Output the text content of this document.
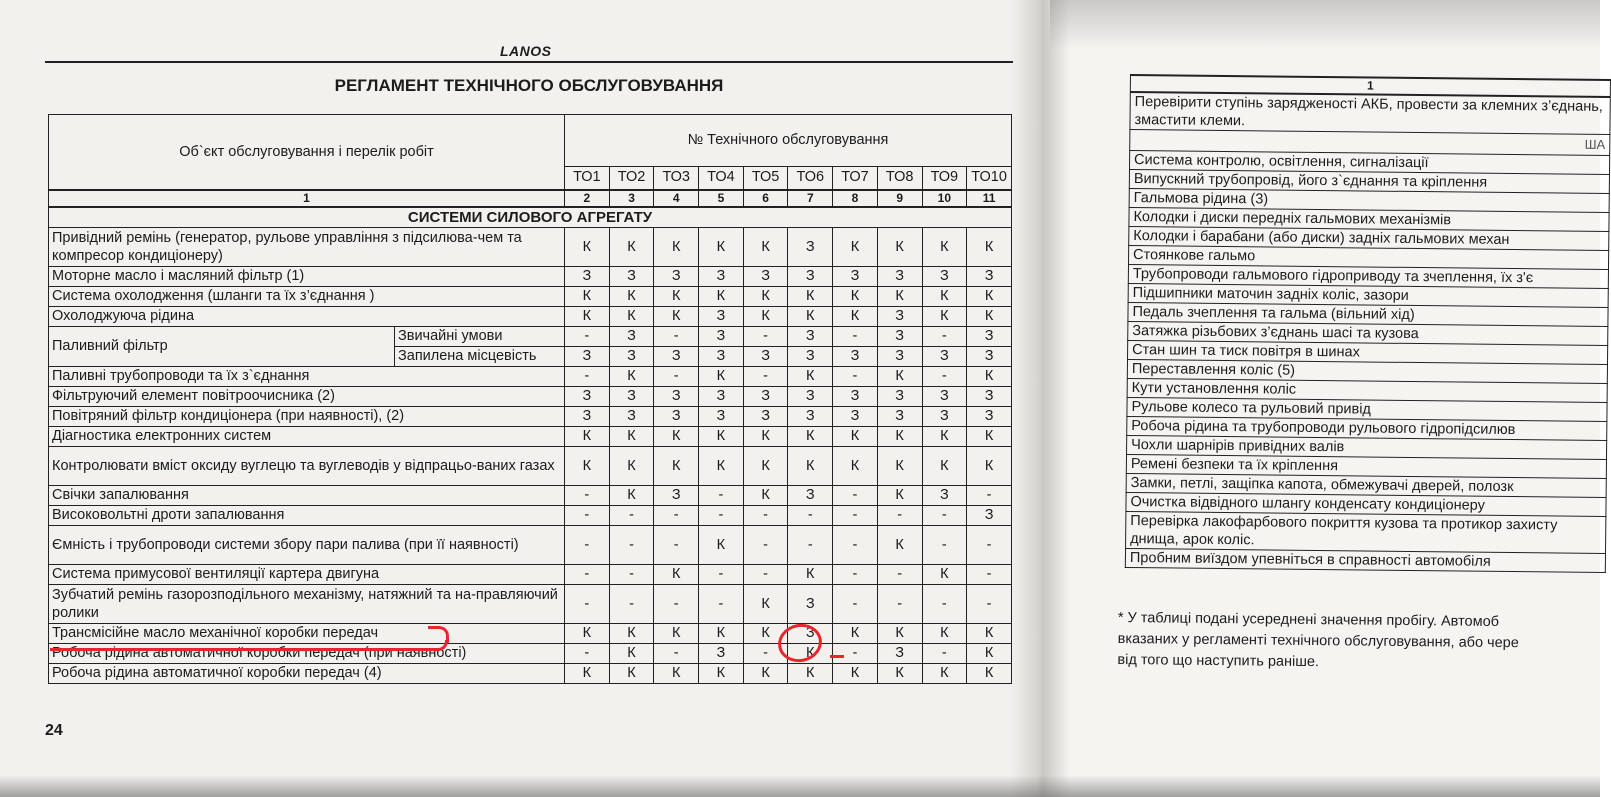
LANOS
РЕГЛАМЕНТ ТЕХНІЧНОГО ОБСЛУГОВУВАННЯ
Об`єкт обслуговування і перелік робіт		№ Технічного обслуговування									
		ТО1	ТО2	ТО3	ТО4	ТО5	ТО6	ТО7	ТО8	ТО9	ТО10
1		2	3	4	5	6	7	8	9	10	11
СИСТЕМИ СИЛОВОГО АГРЕГАТУ											
Привідний ремінь (генератор, рульове управління з підсилюва-чем та компресор кондиціонеру)		К	К	К	К	К	З	К	К	К	К
Моторне масло і масляний фільтр (1)		З	З	З	З	З	З	З	З	З	З
Система охолодження (шланги та їх з’єднання )		К	К	К	К	К	К	К	К	К	К
Охолоджуюча рідина		К	К	К	З	К	К	К	З	К	К
Паливний фільтр	Звичайні умови	-	З	-	З	-	З	-	З	-	З
	Запилена місцевість	З	З	З	З	З	З	З	З	З	З
Паливні трубопроводи та їх з`єднання		-	К	-	К	-	К	-	К	-	К
Фільтруючий елемент повітроочисника (2)		З	З	З	З	З	З	З	З	З	З
Повітряний фільтр кондиціонера (при наявності), (2)		З	З	З	З	З	З	З	З	З	З
Діагностика електронних систем		К	К	К	К	К	К	К	К	К	К
Контролювати вміст оксиду вуглецю та вуглеводів у відпрацьо-ваних газах		К	К	К	К	К	К	К	К	К	К
Свічки запалювання		-	К	З	-	К	З	-	К	З	-
Високовольтні дроти запалювання		-	-	-	-	-	-	-	-	-	З
Ємність і трубопроводи системи збору пари палива (при її наявності)		-	-	-	К	-	-	-	К	-	-
Система примусової вентиляції картера двигуна		-	-	К	-	-	К	-	-	К	-
Зубчатий ремінь газорозподільного механізму, натяжний та на-правляючий ролики		-	-	-	-	К	З	-	-	-	-
Трансмісійне масло механічної коробки передач		К	К	К	К	К	З	К	К	К	К
Робоча рідина автоматичної коробки передач (при наявності)		-	К	-	З	-	К	-	З	-	К
Робоча рідина автоматичної коробки передач (4)		К	К	К	К	К	К	К	К	К	К
24
1
Перевірити ступінь зарядженості АКБ, провести за клемних з’єднань, змастити клеми.
ША
Система контролю, освітлення, сигналізації
Випускний трубопровід, його з`єднання та кріплення
Гальмова рідина (3)
Колодки і диски передніх гальмових механізмів
Колодки і барабани (або диски) задніх гальмових механ
Стоянкове гальмо
Трубопроводи гальмового гідроприводу та зчеплення, їх з'є
Підшипники маточин задніх коліс, зазори
Педаль зчеплення та гальма (вільний хід)
Затяжка різьбових з’єднань шасі та кузова
Стан шин та тиск повітря в шинах
Переставлення коліс (5)
Кути установлення коліс
Рульове колесо та рульовий привід
Робоча рідина та трубопроводи рульового гідропідсилюв
Чохли шарнірів привідних валів
Ремені безпеки та їх кріплення
Замки, петлі, защіпка капота, обмежувачі дверей, полозк
Очистка відвідного шлангу конденсату кондиціонеру
Перевірка лакофарбового покриття кузова та протикор захисту днища, арок коліс.
Пробним виїздом упевніться в справності автомобіля
* У таблиці подані усереднені значення пробігу. Автомоб
вказаних у регламенті технічного обслуговування, або чере
від того що наступить раніше.
